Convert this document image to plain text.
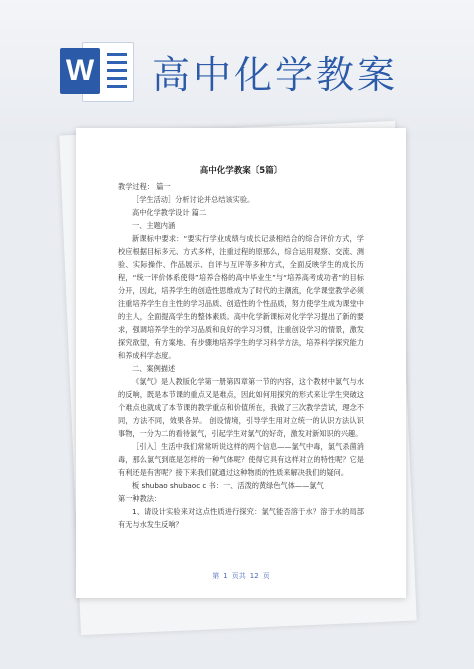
W 高中化学教案
高中化学教案〔5篇〕

教学过程： 篇一

［学生活动］分析讨论并总结该实验。

高中化学教学设计 篇二

一、主题内涵

新课标中要求：“要实行学业成绩与成长记录相结合的综合评价方式，学校应根据目标多元、方式多样，注重过程的原那么，综合运用观察、交流、测验、实际操作、作品展示、自评与互评等多种方式，全面反映学生的成长历程，“统一评价体系使得”培养合格的高中毕业生”与“培养高考成功者”的目标分开，因此，培养学生的创造性思维成为了时代的主潮流，化学课堂教学必须注重培养学生自主性的学习品质、创造性的个性品质，努力使学生成为课堂中的主人，全面提高学生的整体素质。高中化学新课标对化学学习提出了新的要求，强调培养学生的学习品质和良好的学习习惯，注重创设学习的情景，激发探究欲望，有方案地、有步骤地培养学生的学习科学方法，培养科学探究能力和养成科学态度。

二、案例描述

《氯气》是人教版化学第一册第四章第一节的内容，这个教材中氯气与水的反响，既是本节课的重点又是难点，因此如何用探究的形式来让学生突破这个难点也就成了本节课的教学重点和价值所在，我做了三次教学尝试，理念不同，方法不同，效果各异。 创设情境，引导学生用对立统一的认识方法认识事物，一分为二的看待氯气，引起学生对氯气的好奇，激发对新知识的兴趣。

［引入］生活中我们常常听说这样的两个信息——氯气中毒，氯气杀菌消毒，那么氯气到底是怎样的一种气体呢？使得它具有这样对立的特性呢？它是有利还是有害呢？接下来我们就通过这种物质的性质来解决我们的疑问。

板 shubao shubaoc c 书：一、活泼的黄绿色气体——氯气

第一种教法：

1、请设计实验来对这点性质进行探究：氯气能否溶于水？溶于水的局部有无与水发生反响？

第 1 页共 12 页
